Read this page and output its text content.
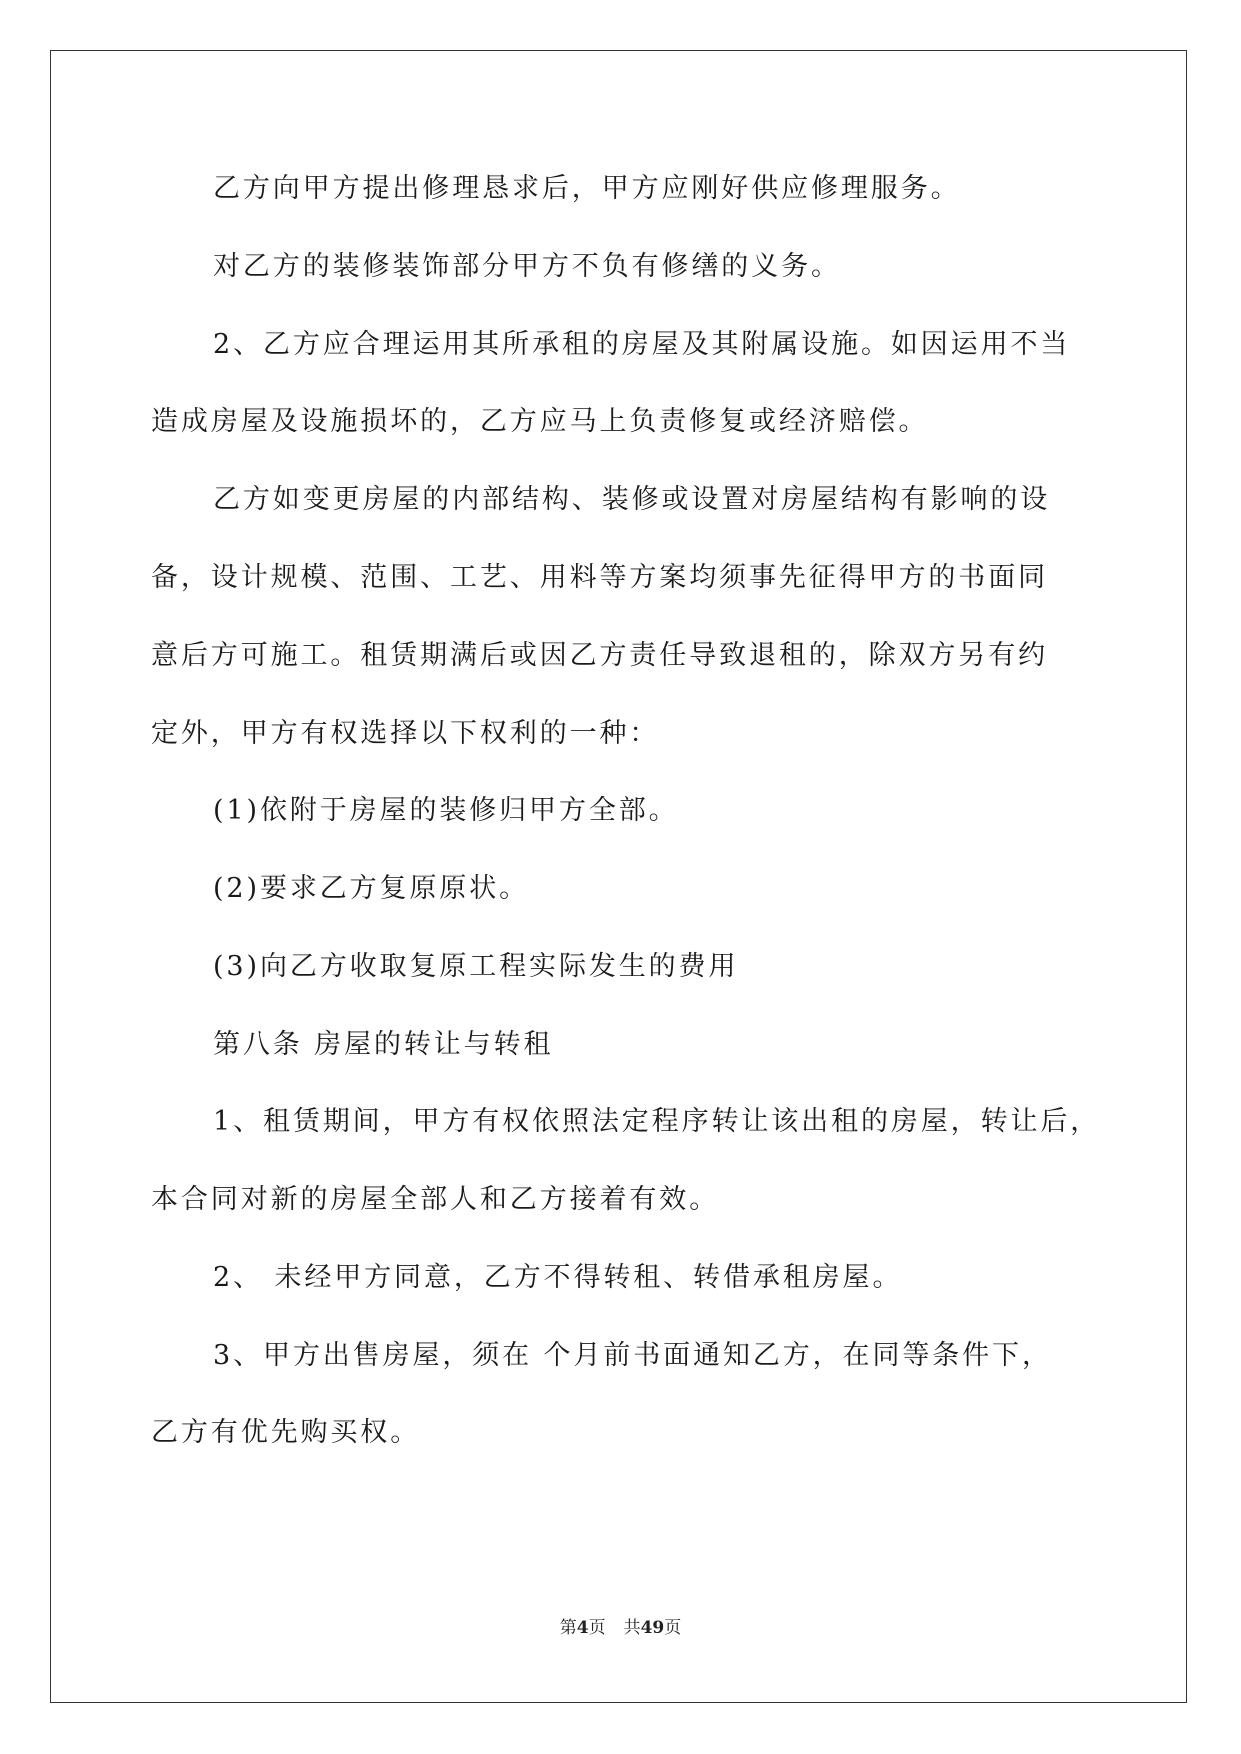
乙方向甲方提出修理恳求后，甲方应刚好供应修理服务。
对乙方的装修装饰部分甲方不负有修缮的义务。
2、乙方应合理运用其所承租的房屋及其附属设施。如因运用不当
造成房屋及设施损坏的，乙方应马上负责修复或经济赔偿。
乙方如变更房屋的内部结构、装修或设置对房屋结构有影响的设
备，设计规模、范围、工艺、用料等方案均须事先征得甲方的书面同
意后方可施工。租赁期满后或因乙方责任导致退租的，除双方另有约
定外，甲方有权选择以下权利的一种：
(1)依附于房屋的装修归甲方全部。
(2)要求乙方复原原状。
(3)向乙方收取复原工程实际发生的费用
第八条 房屋的转让与转租
1、租赁期间，甲方有权依照法定程序转让该出租的房屋，转让后，
本合同对新的房屋全部人和乙方接着有效。
2、 未经甲方同意，乙方不得转租、转借承租房屋。
3、甲方出售房屋，须在 个月前书面通知乙方，在同等条件下，
乙方有优先购买权。
第4页 共49页
